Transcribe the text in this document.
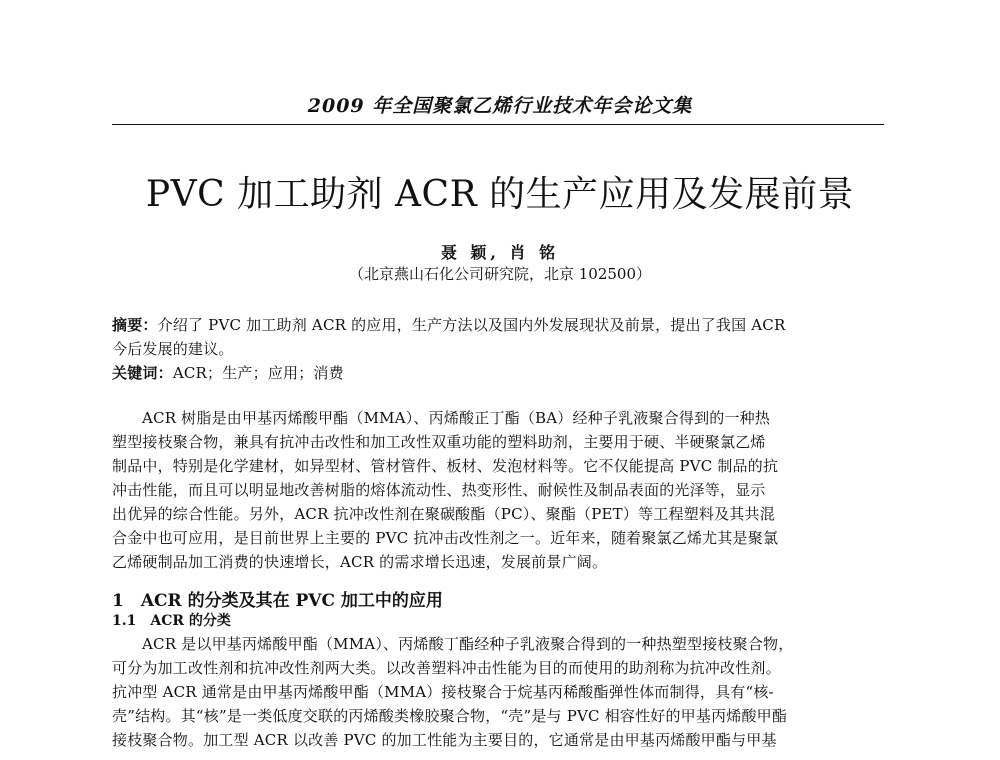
2009 年全国聚氯乙烯行业技术年会论文集
PVC 加工助剂 ACR 的生产应用及发展前景
聂 颖, 肖 铭
（北京燕山石化公司研究院，北京 102500）
摘要：介绍了 PVC 加工助剂 ACR 的应用，生产方法以及国内外发展现状及前景，提出了我国 ACR
今后发展的建议。
关键词：ACR；生产；应用；消费
ACR 树脂是由甲基丙烯酸甲酯（MMA）、丙烯酸正丁酯（BA）经种子乳液聚合得到的一种热
塑型接枝聚合物，兼具有抗冲击改性和加工改性双重功能的塑料助剂，主要用于硬、半硬聚氯乙烯
制品中，特别是化学建材，如异型材、管材管件、板材、发泡材料等。它不仅能提高 PVC 制品的抗
冲击性能，而且可以明显地改善树脂的熔体流动性、热变形性、耐候性及制品表面的光泽等，显示
出优异的综合性能。另外，ACR 抗冲改性剂在聚碳酸酯（PC）、聚酯（PET）等工程塑料及其共混
合金中也可应用，是目前世界上主要的 PVC 抗冲击改性剂之一。近年来，随着聚氯乙烯尤其是聚氯
乙烯硬制品加工消费的快速增长，ACR 的需求增长迅速，发展前景广阔。
1　ACR 的分类及其在 PVC 加工中的应用
1.1　ACR 的分类
ACR 是以甲基丙烯酸甲酯（MMA）、丙烯酸丁酯经种子乳液聚合得到的一种热塑型接枝聚合物，
可分为加工改性剂和抗冲改性剂两大类。以改善塑料冲击性能为目的而使用的助剂称为抗冲改性剂。
抗冲型 ACR 通常是由甲基丙烯酸甲酯（MMA）接枝聚合于烷基丙稀酸酯弹性体而制得，具有“核-
壳”结构。其“核”是一类低度交联的丙烯酸类橡胶聚合物，“壳”是与 PVC 相容性好的甲基丙烯酸甲酯
接枝聚合物。加工型 ACR 以改善 PVC 的加工性能为主要目的，它通常是由甲基丙烯酸甲酯与甲基
